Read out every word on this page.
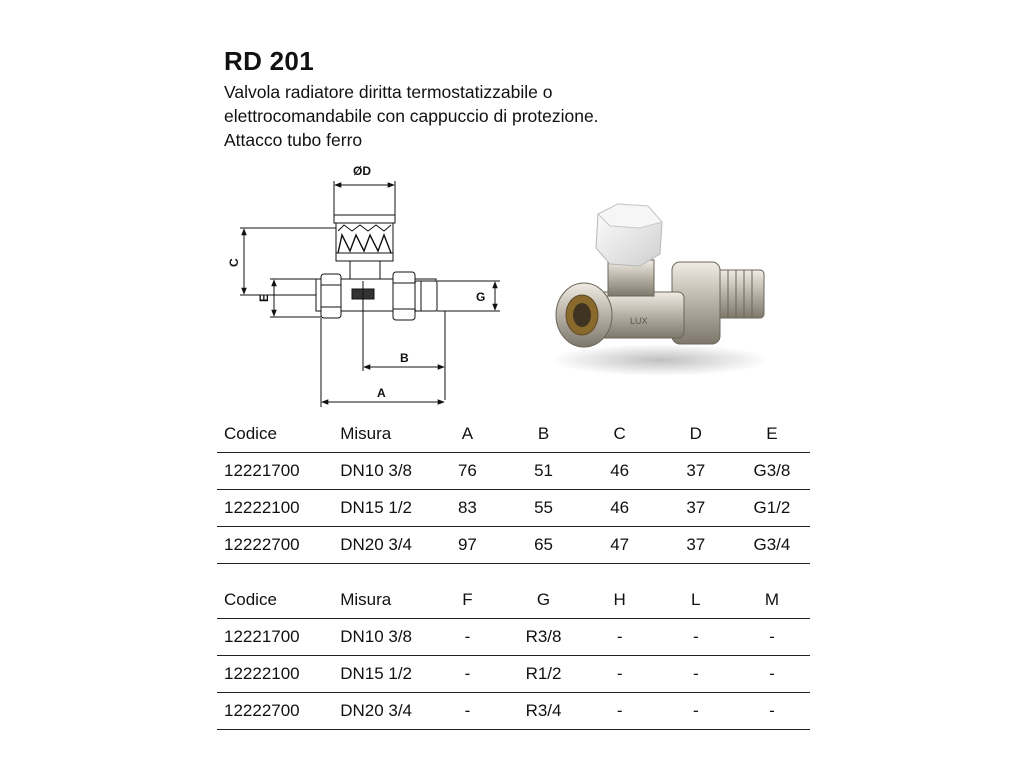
RD 201
Valvola radiatore diritta termostatizzabile o
elettrocomandabile con cappuccio di protezione.
Attacco tubo ferro
ØD
C
E	G
B
A
LUX
Codice	Misura	A	B	C	D	E
12221700	DN10 3/8	76	51	46	37	G3/8
12222100	DN15 1/2	83	55	46	37	G1/2
12222700	DN20 3/4	97	65	47	37	G3/4
Codice	Misura	F	G	H	L	M
12221700	DN10 3/8	-	R3/8	-	-	-
12222100	DN15 1/2	-	R1/2	-	-	-
12222700	DN20 3/4	-	R3/4	-	-	-
